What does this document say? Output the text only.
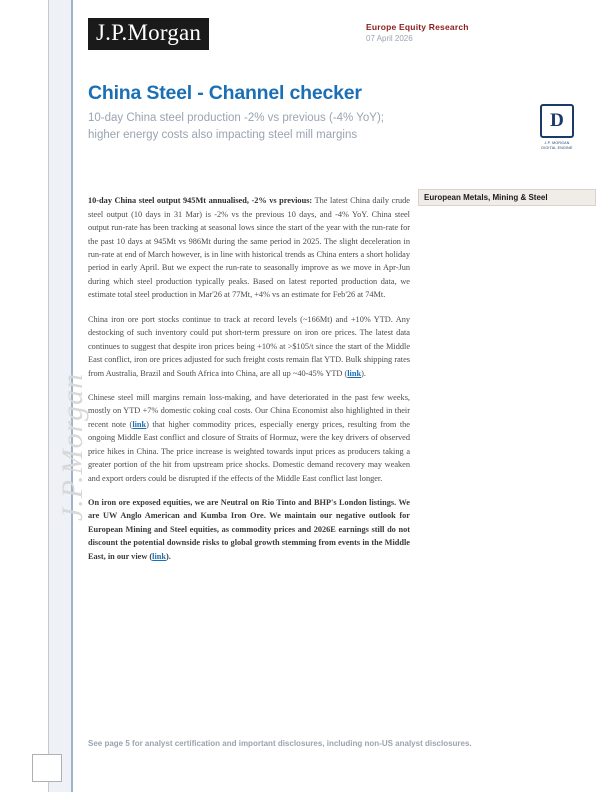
J.P.Morgan
J.P.Morgan	Europe Equity Research
07 April 2026
China Steel - Channel checker
10-day China steel production -2% vs previous (-4% YoY); higher energy costs also impacting steel mill margins
D
J.P. MORGAN DIGITAL ENGINE
European Metals, Mining & Steel

10-day China steel output 945Mt annualised, -2% vs previous: The latest China daily crude steel output (10 days in 31 Mar) is -2% vs the previous 10 days, and -4% YoY. China steel output run-rate has been tracking at seasonal lows since the start of the year with the run-rate for the past 10 days at 945Mt vs 986Mt during the same period in 2025. The slight deceleration in run-rate at end of March however, is in line with historical trends as China enters a short holiday period in early April. But we expect the run-rate to seasonally improve as we move in Apr-Jun during which steel production typically peaks. Based on latest reported production data, we estimate total steel production in Mar'26 at 77Mt, +4% vs an estimate for Feb'26 at 74Mt.

China iron ore port stocks continue to track at record levels (~166Mt) and +10% YTD. Any destocking of such inventory could put short-term pressure on iron ore prices. The latest data continues to suggest that despite iron prices being +10% at >$105/t since the start of the Middle East conflict, iron ore prices adjusted for such freight costs remain flat YTD. Bulk shipping rates from Australia, Brazil and South Africa into China, are all up ~40-45% YTD (link).

Chinese steel mill margins remain loss-making, and have deteriorated in the past few weeks, mostly on YTD +7% domestic coking coal costs. Our China Economist also highlighted in their recent note (link) that higher commodity prices, especially energy prices, resulting from the ongoing Middle East conflict and closure of Straits of Hormuz, were the key drivers of observed price hikes in China. The price increase is weighted towards input prices as producers taking a greater portion of the hit from upstream price shocks. Domestic demand recovery may weaken and export orders could be disrupted if the effects of the Middle East conflict last longer.

On iron ore exposed equities, we are Neutral on Rio Tinto and BHP's London listings. We are UW Anglo American and Kumba Iron Ore. We maintain our negative outlook for European Mining and Steel equities, as commodity prices and 2026E earnings still do not discount the potential downside risks to global growth stemming from events in the Middle East, in our view (link).

See page 5 for analyst certification and important disclosures, including non-US analyst disclosures.
